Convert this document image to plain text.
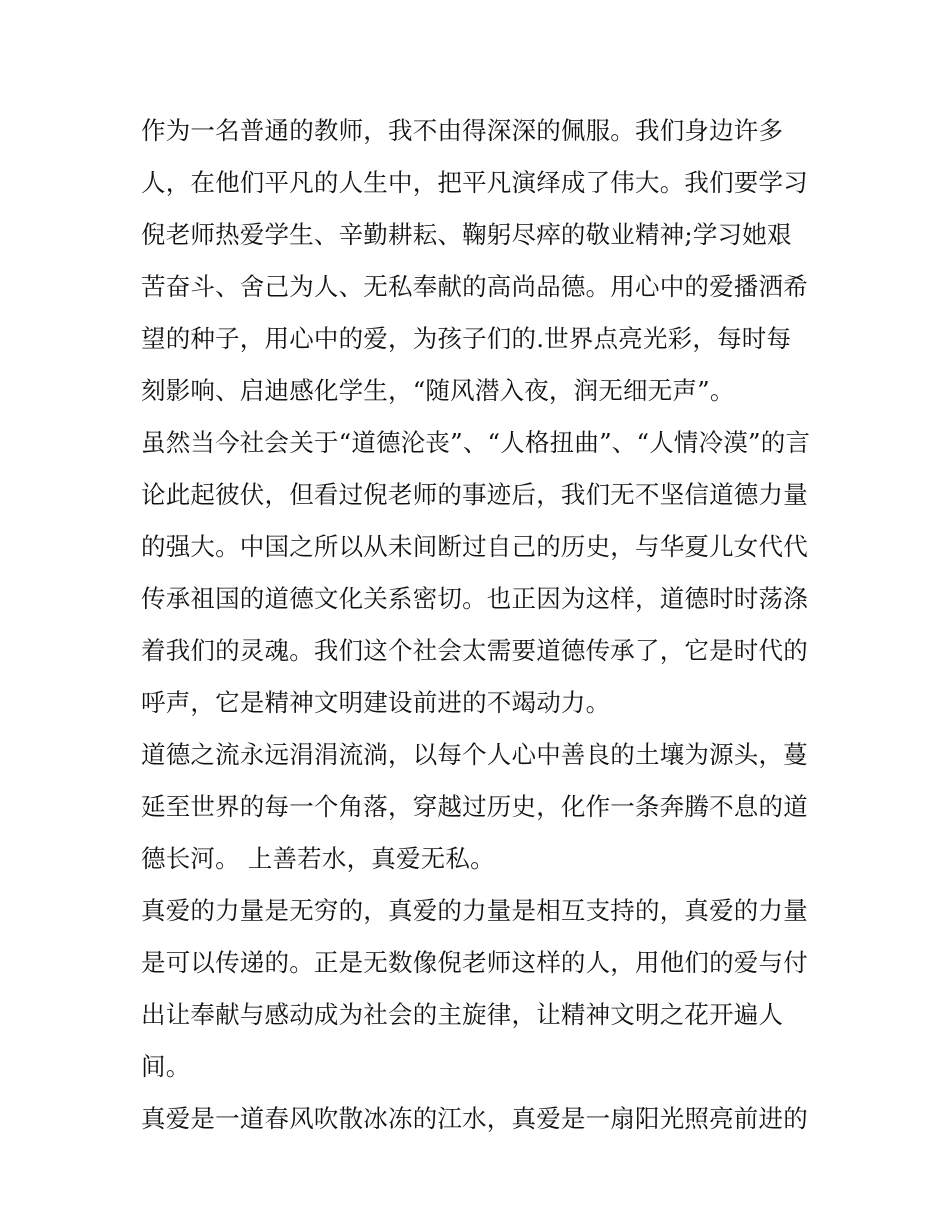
作为一名普通的教师，我不由得深深的佩服。我们身边许多
人，在他们平凡的人生中，把平凡演绎成了伟大。我们要学习
倪老师热爱学生、辛勤耕耘、鞠躬尽瘁的敬业精神;学习她艰
苦奋斗、舍己为人、无私奉献的高尚品德。用心中的爱播洒希
望的种子，用心中的爱，为孩子们的.世界点亮光彩，每时每
刻影响、启迪感化学生，“随风潜入夜，润无细无声”。
虽然当今社会关于“道德沦丧”、“人格扭曲”、“人情冷漠”的言
论此起彼伏，但看过倪老师的事迹后，我们无不坚信道德力量
的强大。中国之所以从未间断过自己的历史，与华夏儿女代代
传承祖国的道德文化关系密切。也正因为这样，道德时时荡涤
着我们的灵魂。我们这个社会太需要道德传承了，它是时代的
呼声，它是精神文明建设前进的不竭动力。
道德之流永远涓涓流淌，以每个人心中善良的土壤为源头，蔓
延至世界的每一个角落，穿越过历史，化作一条奔腾不息的道
德长河。 上善若水，真爱无私。
真爱的力量是无穷的，真爱的力量是相互支持的，真爱的力量
是可以传递的。正是无数像倪老师这样的人，用他们的爱与付
出让奉献与感动成为社会的主旋律，让精神文明之花开遍人
间。
真爱是一道春风吹散冰冻的江水，真爱是一扇阳光照亮前进的
